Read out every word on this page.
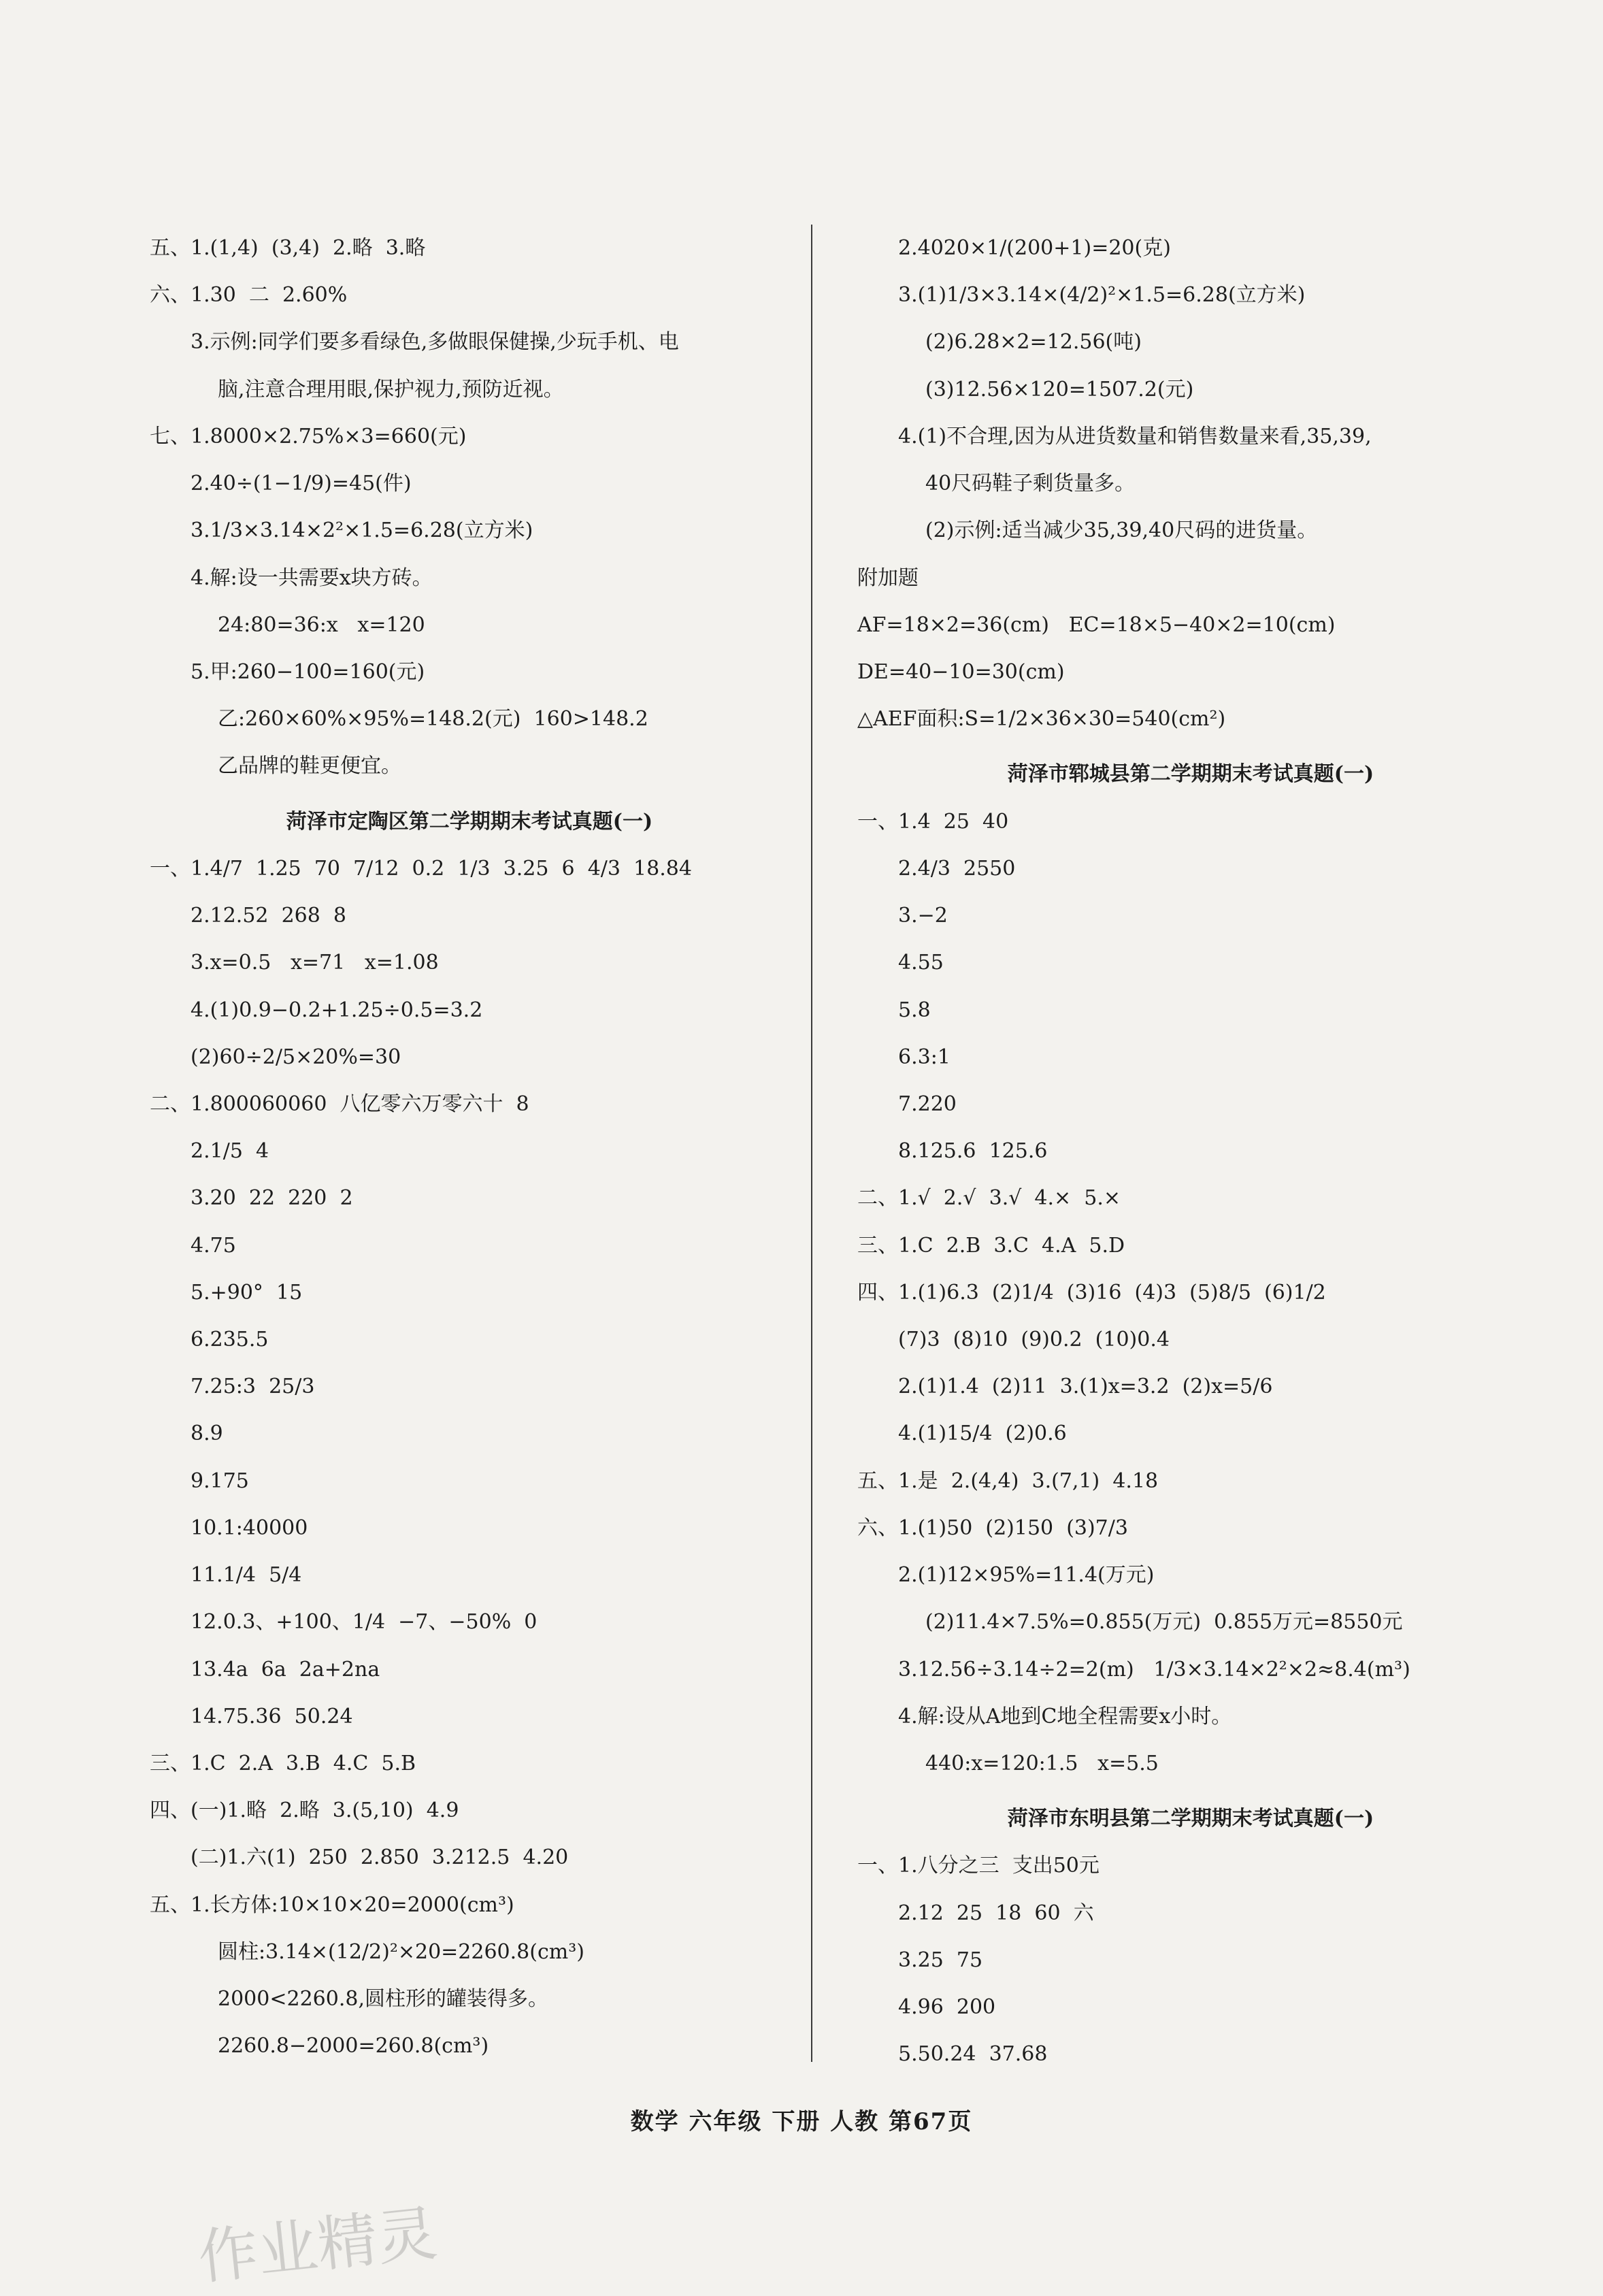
五、1.(1,4)  (3,4)  2.略  3.略
六、1.30  二  2.60%
3.示例:同学们要多看绿色,多做眼保健操,少玩手机、电
脑,注意合理用眼,保护视力,预防近视。
七、1.8000×2.75%×3=660(元)
2.40÷(1−1/9)=45(件)
3.1/3×3.14×2²×1.5=6.28(立方米)
4.解:设一共需要x块方砖。
24:80=36:x   x=120
5.甲:260−100=160(元)
乙:260×60%×95%=148.2(元)  160>148.2
乙品牌的鞋更便宜。
菏泽市定陶区第二学期期末考试真题(一)
一、1.4/7  1.25  70  7/12  0.2  1/3  3.25  6  4/3  18.84
2.12.52  268  8
3.x=0.5   x=71   x=1.08
4.(1)0.9−0.2+1.25÷0.5=3.2
(2)60÷2/5×20%=30
二、1.800060060  八亿零六万零六十  8
2.1/5  4
3.20  22  220  2
4.75
5.+90°  15
6.235.5
7.25:3  25/3
8.9
9.175
10.1:40000
11.1/4  5/4
12.0.3、+100、1/4  −7、−50%  0
13.4a  6a  2a+2na
14.75.36  50.24
三、1.C  2.A  3.B  4.C  5.B
四、(一)1.略  2.略  3.(5,10)  4.9
(二)1.六(1)  250  2.850  3.212.5  4.20
五、1.长方体:10×10×20=2000(cm³)
圆柱:3.14×(12/2)²×20=2260.8(cm³)
2000<2260.8,圆柱形的罐装得多。
2260.8−2000=260.8(cm³)
2.4020×1/(200+1)=20(克)
3.(1)1/3×3.14×(4/2)²×1.5=6.28(立方米)
(2)6.28×2=12.56(吨)
(3)12.56×120=1507.2(元)
4.(1)不合理,因为从进货数量和销售数量来看,35,39,
40尺码鞋子剩货量多。
(2)示例:适当减少35,39,40尺码的进货量。
附加题
AF=18×2=36(cm)   EC=18×5−40×2=10(cm)
DE=40−10=30(cm)
△AEF面积:S=1/2×36×30=540(cm²)
菏泽市郓城县第二学期期末考试真题(一)
一、1.4  25  40
2.4/3  2550
3.−2
4.55
5.8
6.3:1
7.220
8.125.6  125.6
二、1.√  2.√  3.√  4.×  5.×
三、1.C  2.B  3.C  4.A  5.D
四、1.(1)6.3  (2)1/4  (3)16  (4)3  (5)8/5  (6)1/2
(7)3  (8)10  (9)0.2  (10)0.4
2.(1)1.4  (2)11  3.(1)x=3.2  (2)x=5/6
4.(1)15/4  (2)0.6
五、1.是  2.(4,4)  3.(7,1)  4.18
六、1.(1)50  (2)150  (3)7/3
2.(1)12×95%=11.4(万元)
(2)11.4×7.5%=0.855(万元)  0.855万元=8550元
3.12.56÷3.14÷2=2(m)   1/3×3.14×2²×2≈8.4(m³)
4.解:设从A地到C地全程需要x小时。
440:x=120:1.5   x=5.5
菏泽市东明县第二学期期末考试真题(一)
一、1.八分之三  支出50元
2.12  25  18  60  六
3.25  75
4.96  200
5.50.24  37.68
数学 六年级 下册 人教 第67页
作业精灵
